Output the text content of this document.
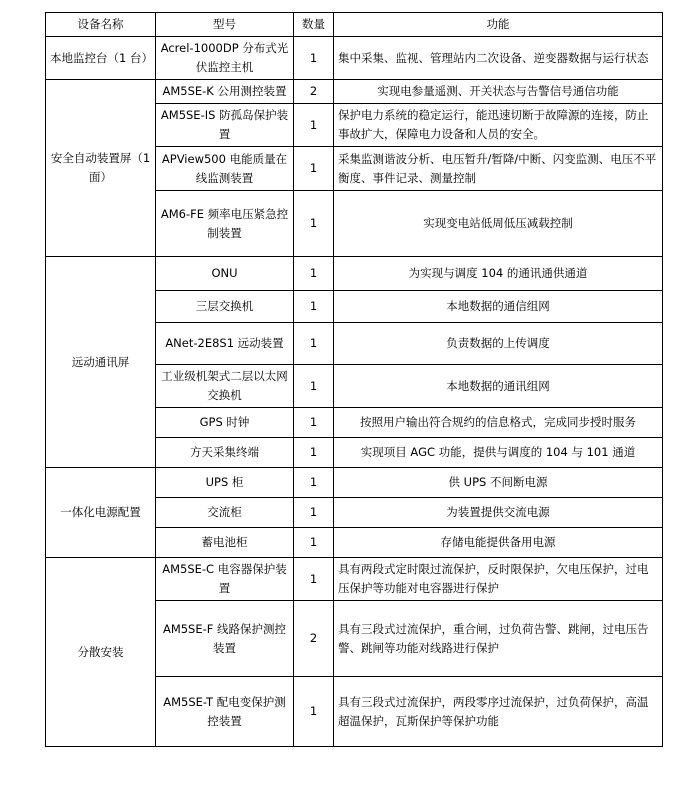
设备名称	型号	数量	功能
本地监控台（1 台）	Acrel-1000DP 分布式光伏监控主机	1	集中采集、监视、管理站内二次设备、逆变器数据与运行状态
安全自动装置屏（1面）	AM5SE-K 公用测控装置	2	实现电参量遥测、开关状态与告警信号通信功能
	AM5SE-IS 防孤岛保护装置	1	保护电力系统的稳定运行，能迅速切断于故障源的连接，防止事故扩大，保障电力设备和人员的安全。
	APView500 电能质量在线监测装置	1	采集监测谐波分析、电压暂升/暂降/中断、闪变监测、电压不平衡度、事件记录、测量控制
	AM6-FE 频率电压紧急控制装置	1	实现变电站低周低压减载控制
远动通讯屏	ONU	1	为实现与调度 104 的通讯通供通道
	三层交换机	1	本地数据的通信组网
	ANet-2E8S1 远动装置	1	负责数据的上传调度
	工业级机架式二层以太网交换机	1	本地数据的通讯组网
	GPS 时钟	1	按照用户输出符合规约的信息格式，完成同步授时服务
	方天采集终端	1	实现项目 AGC 功能，提供与调度的 104 与 101 通道
一体化电源配置	UPS 柜	1	供 UPS 不间断电源
	交流柜	1	为装置提供交流电源
	蓄电池柜	1	存储电能提供备用电源
分散安装	AM5SE-C 电容器保护装置	1	具有两段式定时限过流保护，反时限保护，欠电压保护，过电压保护等功能对电容器进行保护
	AM5SE-F 线路保护测控装置	2	具有三段式过流保护，重合闸，过负荷告警、跳闸，过电压告警、跳闸等功能对线路进行保护
	AM5SE-T 配电变保护测控装置	1	具有三段式过流保护，两段零序过流保护，过负荷保护，高温超温保护，瓦斯保护等保护功能
